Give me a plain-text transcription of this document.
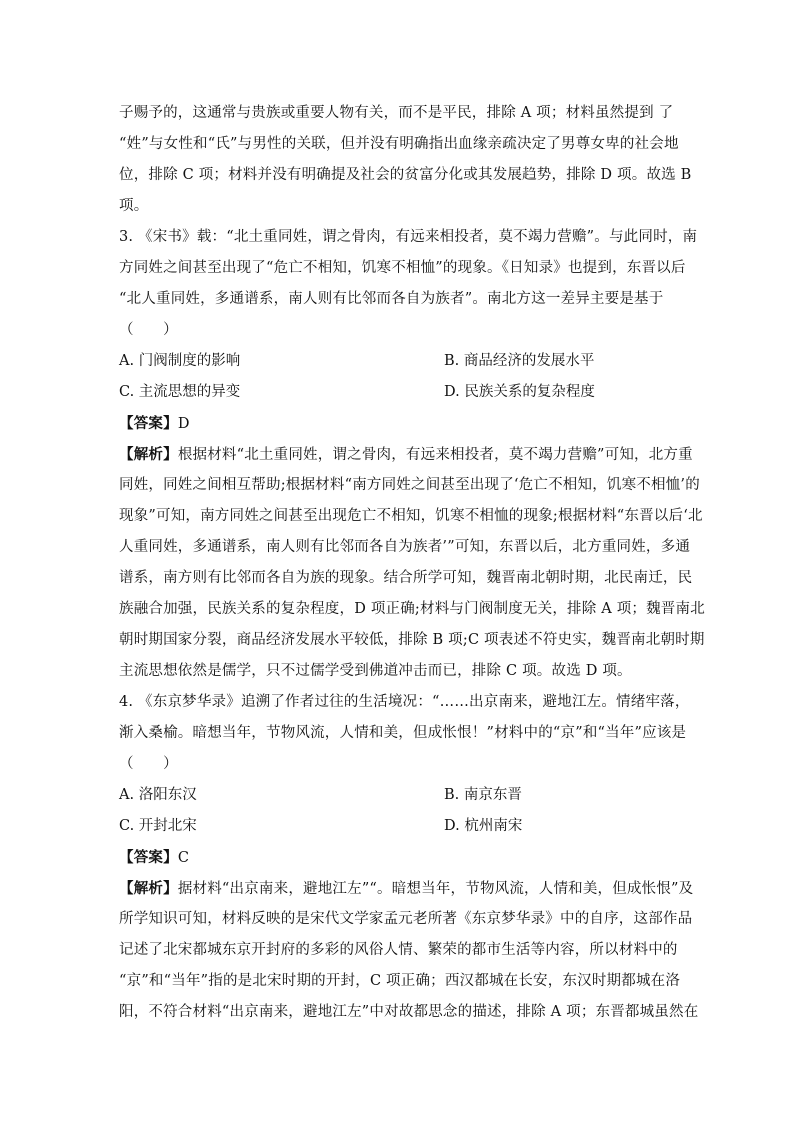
子赐予的，这通常与贵族或重要人物有关，而不是平民，排除 A 项；材料虽然提到 了
“姓”与女性和“氏”与男性的关联，但并没有明确指出血缘亲疏决定了男尊女卑的社会地
位，排除 C 项；材料并没有明确提及社会的贫富分化或其发展趋势，排除 D 项。故选 B
项。
3. 《宋书》载：“北土重同姓，谓之骨肉，有远来相投者，莫不竭力营赡”。与此同时，南
方同姓之间甚至出现了“危亡不相知，饥寒不相恤”的现象。《日知录》也提到，东晋以后
“北人重同姓，多通谱系，南人则有比邻而各自为族者”。南北方这一差异主要是基于
（　　）
A. 门阀制度的影响	B. 商品经济的发展水平
C. 主流思想的异变	D. 民族关系的复杂程度
【答案】D
【解析】根据材料“北土重同姓，谓之骨肉，有远来相投者，莫不竭力营赡”可知，北方重
同姓，同姓之间相互帮助;根据材料“南方同姓之间甚至出现了‘危亡不相知，饥寒不相恤’的
现象”可知，南方同姓之间甚至出现危亡不相知，饥寒不相恤的现象;根据材料“东晋以后‘北
人重同姓，多通谱系，南人则有比邻而各自为族者’”可知，东晋以后，北方重同姓，多通
谱系，南方则有比邻而各自为族的现象。结合所学可知，魏晋南北朝时期，北民南迁，民
族融合加强，民族关系的复杂程度，D 项正确;材料与门阀制度无关，排除 A 项；魏晋南北
朝时期国家分裂，商品经济发展水平较低，排除 B 项;C 项表述不符史实，魏晋南北朝时期
主流思想依然是儒学，只不过儒学受到佛道冲击而已，排除 C 项。故选 D 项。
4. 《东京梦华录》追溯了作者过往的生活境况：“……出京南来，避地江左。情绪牢落，
渐入桑榆。暗想当年，节物风流，人情和美，但成怅恨！”材料中的“京”和“当年”应该是
（　　）
A. 洛阳东汉	B. 南京东晋
C. 开封北宋	D. 杭州南宋
【答案】C
【解析】据材料“出京南来，避地江左”“。暗想当年，节物风流，人情和美，但成怅恨”及
所学知识可知，材料反映的是宋代文学家孟元老所著《东京梦华录》中的自序，这部作品
记述了北宋都城东京开封府的多彩的风俗人情、繁荣的都市生活等内容，所以材料中的
“京”和“当年”指的是北宋时期的开封，C 项正确；西汉都城在长安，东汉时期都城在洛
阳，不符合材料“出京南来，避地江左”中对故都思念的描述，排除 A 项；东晋都城虽然在
